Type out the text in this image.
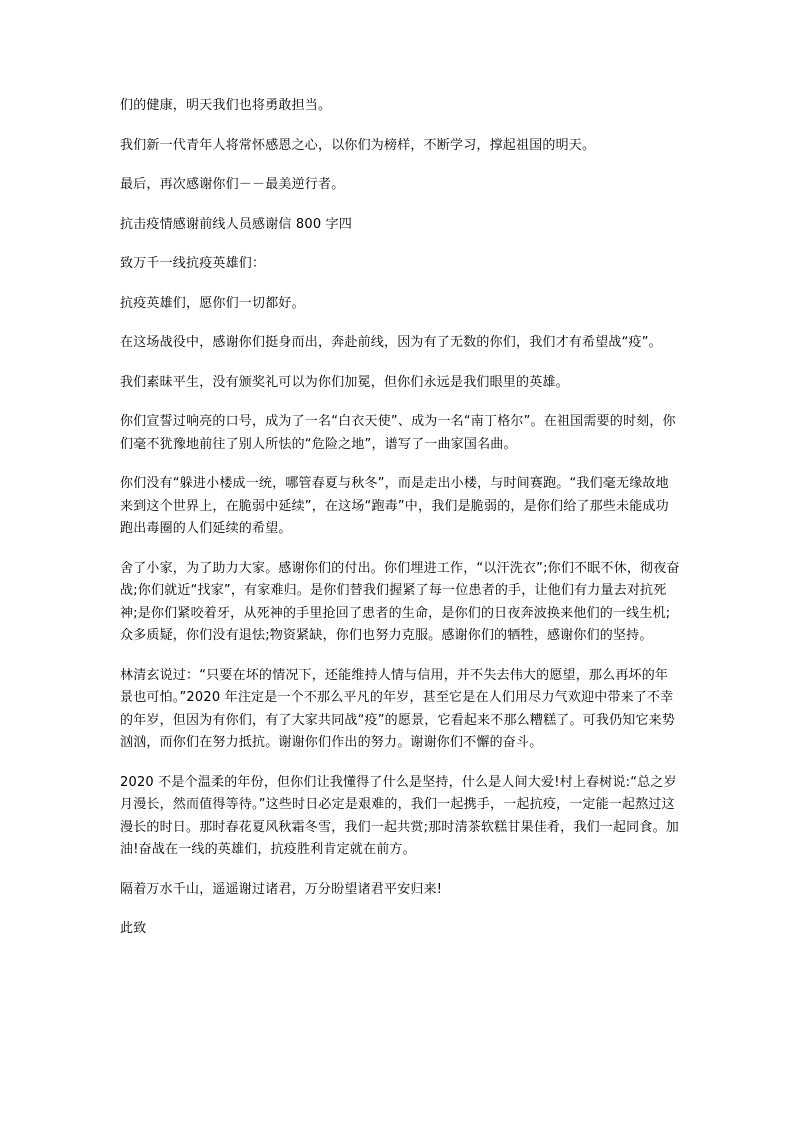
们的健康，明天我们也将勇敢担当。

我们新一代青年人将常怀感恩之心，以你们为榜样，不断学习，撑起祖国的明天。

最后，再次感谢你们－－最美逆行者。

抗击疫情感谢前线人员感谢信 800 字四

致万千一线抗疫英雄们：

抗疫英雄们，愿你们一切都好。

在这场战役中，感谢你们挺身而出，奔赴前线，因为有了无数的你们，我们才有希望战“疫”。

我们素昧平生，没有颁奖礼可以为你们加冕，但你们永远是我们眼里的英雄。

你们宣誓过响亮的口号，成为了一名“白衣天使”、成为一名“南丁格尔”。在祖国需要的时刻，你们毫不犹豫地前往了别人所怯的“危险之地”，谱写了一曲家国名曲。

你们没有“躲进小楼成一统，哪管春夏与秋冬”，而是走出小楼，与时间赛跑。“我们毫无缘故地来到这个世界上，在脆弱中延续”，在这场“跑毒”中，我们是脆弱的，是你们给了那些未能成功跑出毒圈的人们延续的希望。

舍了小家，为了助力大家。感谢你们的付出。你们埋进工作，“以汗洗衣”;你们不眠不休，彻夜奋战;你们就近“找家”，有家难归。是你们替我们握紧了每一位患者的手，让他们有力量去对抗死神;是你们紧咬着牙，从死神的手里抢回了患者的生命，是你们的日夜奔波换来他们的一线生机;众多质疑，你们没有退怯;物资紧缺，你们也努力克服。感谢你们的牺牲，感谢你们的坚持。

林清玄说过：“只要在坏的情况下，还能维持人情与信用，并不失去伟大的愿望，那么再坏的年景也可怕。”2020 年注定是一个不那么平凡的年岁，甚至它是在人们用尽力气欢迎中带来了不幸的年岁，但因为有你们，有了大家共同战“疫”的愿景，它看起来不那么糟糕了。可我仍知它来势汹汹，而你们在努力抵抗。谢谢你们作出的努力。谢谢你们不懈的奋斗。

2020 不是个温柔的年份，但你们让我懂得了什么是坚持，什么是人间大爱!村上春树说:“总之岁月漫长，然而值得等待。”这些时日必定是艰难的，我们一起携手，一起抗疫，一定能一起熬过这漫长的时日。那时春花夏风秋霜冬雪，我们一起共赏;那时清茶软糕甘果佳肴，我们一起同食。加油!奋战在一线的英雄们，抗疫胜利肯定就在前方。

隔着万水千山，遥遥谢过诸君，万分盼望诸君平安归来!

此致
